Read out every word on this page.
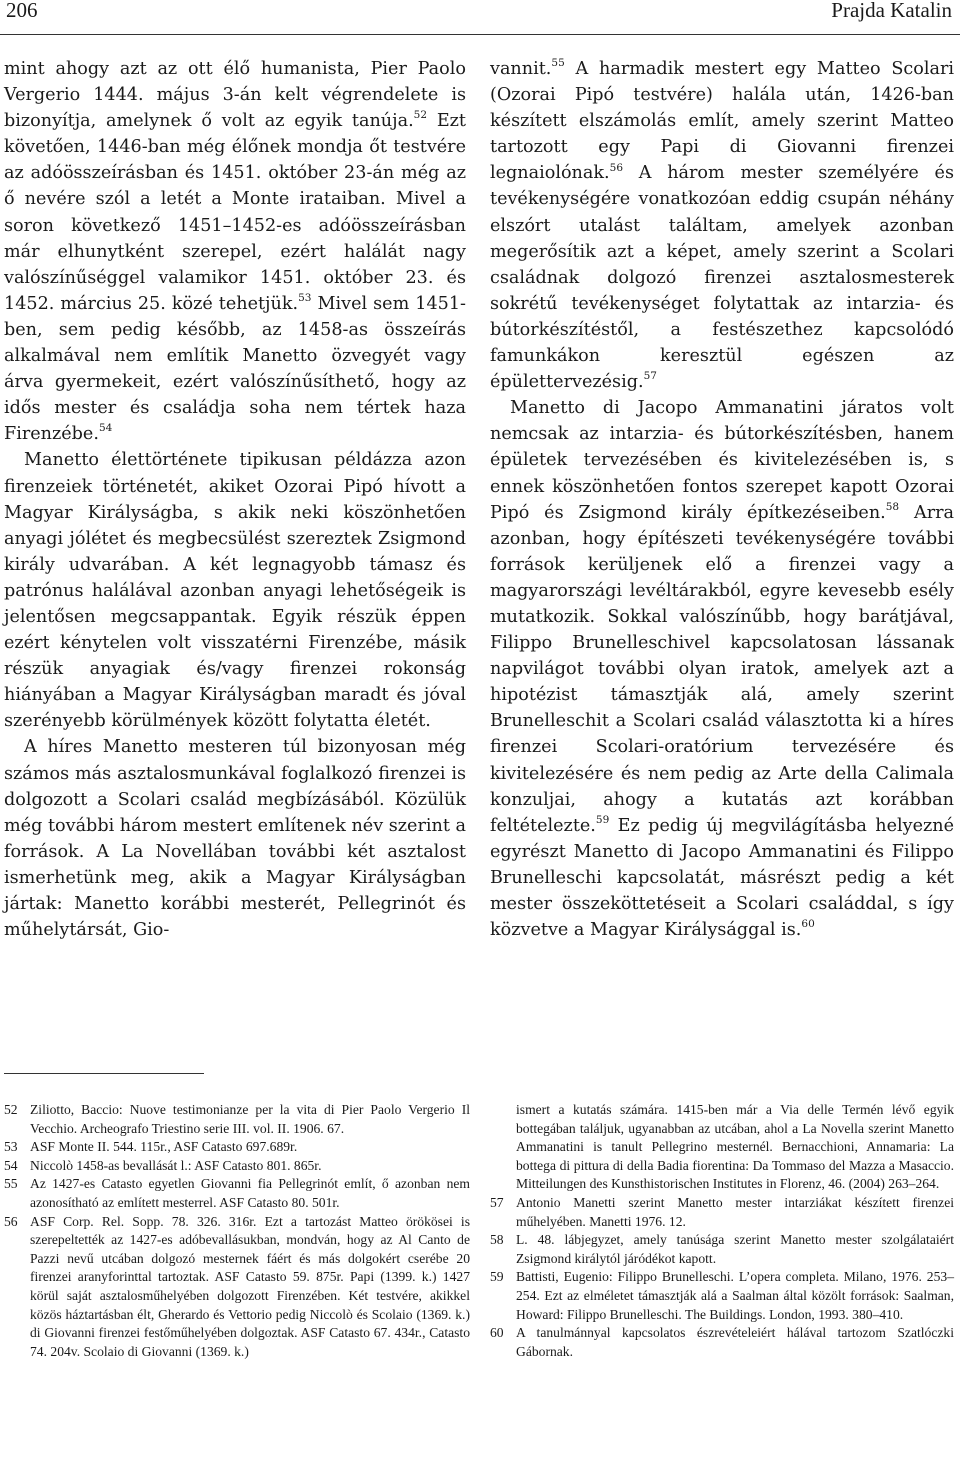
206	Prajda Katalin

mint ahogy azt az ott élő humanista, Pier Paolo Vergerio 1444. május 3-án kelt végrendelete is bizonyítja, amelynek ő volt az egyik tanúja.$^{52}$ Ezt követően, 1446-ban még élőnek mondja őt testvére az adóösszeírásban és 1451. október 23-án még az ő nevére szól a letét a Monte irataiban. Mivel a soron következő 1451–1452-es adóösszeírásban már elhunytként szerepel, ezért halálát nagy valószínűséggel valamikor 1451. október 23. és 1452. március 25. közé tehetjük.$^{53}$ Mivel sem 1451-ben, sem pedig később, az 1458-as összeírás alkalmával nem említik Manetto özvegyét vagy árva gyermekeit, ezért valószínűsíthető, hogy az idős mester és családja soha nem tértek haza Firenzébe.$^{54}$

Manetto élettörténete tipikusan példázza azon firenzeiek történetét, akiket Ozorai Pipó hívott a Magyar Királyságba, s akik neki köszönhetően anyagi jólétet és megbecsülést szereztek Zsigmond király udvarában. A két legnagyobb támasz és patrónus halálával azonban anyagi lehetőségeik is jelentősen megcsappantak. Egyik részük éppen ezért kénytelen volt visszatérni Firenzébe, másik részük anyagiak és/vagy firenzei rokonság hiányában a Magyar Királyságban maradt és jóval szerényebb körülmények között folytatta életét.

A híres Manetto mesteren túl bizonyosan még számos más asztalosmunkával foglalkozó firenzei is dolgozott a Scolari család megbízásából. Közülük még további három mestert említenek név szerint a források. A La Novellában további két asztalost ismerhetünk meg, akik a Magyar Királyságban jártak: Manetto korábbi mesterét, Pellegrinót és műhelytársát, Gio-

vannit.$^{55}$ A harmadik mestert egy Matteo Scolari (Ozorai Pipó testvére) halála után, 1426-ban készített elszámolás említ, amely szerint Matteo tartozott egy Papi di Giovanni firenzei legnaiolónak.$^{56}$ A három mester személyére és tevékenységére vonatkozóan eddig csupán néhány elszórt utalást találtam, amelyek azonban megerősítik azt a képet, amely szerint a Scolari családnak dolgozó firenzei asztalosmesterek sokrétű tevékenységet folytattak az intarzia- és bútorkészítéstől, a festészethez kapcsolódó famunkákon keresztül egészen az épülettervezésig.$^{57}$

Manetto di Jacopo Ammanatini járatos volt nemcsak az intarzia- és bútorkészítésben, hanem épületek tervezésében és kivitelezésében is, s ennek köszönhetően fontos szerepet kapott Ozorai Pipó és Zsigmond király építkezéseiben.$^{58}$ Arra azonban, hogy építészeti tevékenységére további források kerüljenek elő a firenzei vagy a magyarországi levéltárakból, egyre kevesebb esély mutatkozik. Sokkal valószínűbb, hogy barátjával, Filippo Brunelleschivel kapcsolatosan lássanak napvilágot további olyan iratok, amelyek azt a hipotézist támasztják alá, amely szerint Brunelleschit a Scolari család választotta ki a híres firenzei Scolari-oratórium tervezésére és kivitelezésére és nem pedig az Arte della Calimala konzuljai, ahogy a kutatás azt korábban feltételezte.$^{59}$ Ez pedig új megvilágításba helyezné egyrészt Manetto di Jacopo Ammanatini és Filippo Brunelleschi kapcsolatát, másrészt pedig a két mester összeköttetéseit a Scolari családdal, s így közvetve a Magyar Királysággal is.$^{60}$

52 Ziliotto, Baccio: Nuove testimonianze per la vita di Pier Paolo Vergerio Il Vecchio. Archeografo Triestino serie III. vol. II. 1906. 67.
53 ASF Monte II. 544. 115r., ASF Catasto 697.689r.
54 Niccolò 1458-as bevallását l.: ASF Catasto 801. 865r.
55 Az 1427-es Catasto egyetlen Giovanni fia Pellegrinót említ, ő azonban nem azonosítható az említett mesterrel. ASF Catasto 80. 501r.
56 ASF Corp. Rel. Sopp. 78. 326. 316r. Ezt a tartozást Matteo örökösei is szerepeltették az 1427-es adóbevallásukban, mondván, hogy az Al Canto de Pazzi nevű utcában dolgozó mesternek fáért és más dolgokért cserébe 20 firenzei aranyforinttal tartoztak. ASF Catasto 59. 875r. Papi (1399. k.) 1427 körül saját asztalosműhelyében dolgozott Firenzében. Két testvére, akikkel közös háztartásban élt, Gherardo és Vettorio pedig Niccolò és Scolaio (1369. k.) di Giovanni firenzei festőműhelyében dolgoztak. ASF Catasto 67. 434r., Catasto 74. 204v. Scolaio di Giovanni (1369. k.)
ismert a kutatás számára. 1415-ben már a Via delle Termén lévő egyik bottegában találjuk, ugyanabban az utcában, ahol a La Novella szerint Manetto Ammanatini is tanult Pellegrino mesternél. Bernacchioni, Annamaria: La bottega di pittura di della Badia fiorentina: Da Tommaso del Mazza a Masaccio. Mitteilungen des Kunsthistorischen Institutes in Florenz, 46. (2004) 263–264.
57 Antonio Manetti szerint Manetto mester intarziákat készített firenzei műhelyében. Manetti 1976. 12.
58 L. 48. lábjegyzet, amely tanúsága szerint Manetto mester szolgálataiért Zsigmond királytól járódékot kapott.
59 Battisti, Eugenio: Filippo Brunelleschi. L’opera completa. Milano, 1976. 253–254. Ezt az elméletet támasztják alá a Saalman által közölt források: Saalman, Howard: Filippo Brunelleschi. The Buildings. London, 1993. 380–410.
60 A tanulmánnyal kapcsolatos észrevételeiért hálával tartozom Szatlóczki Gábornak.
